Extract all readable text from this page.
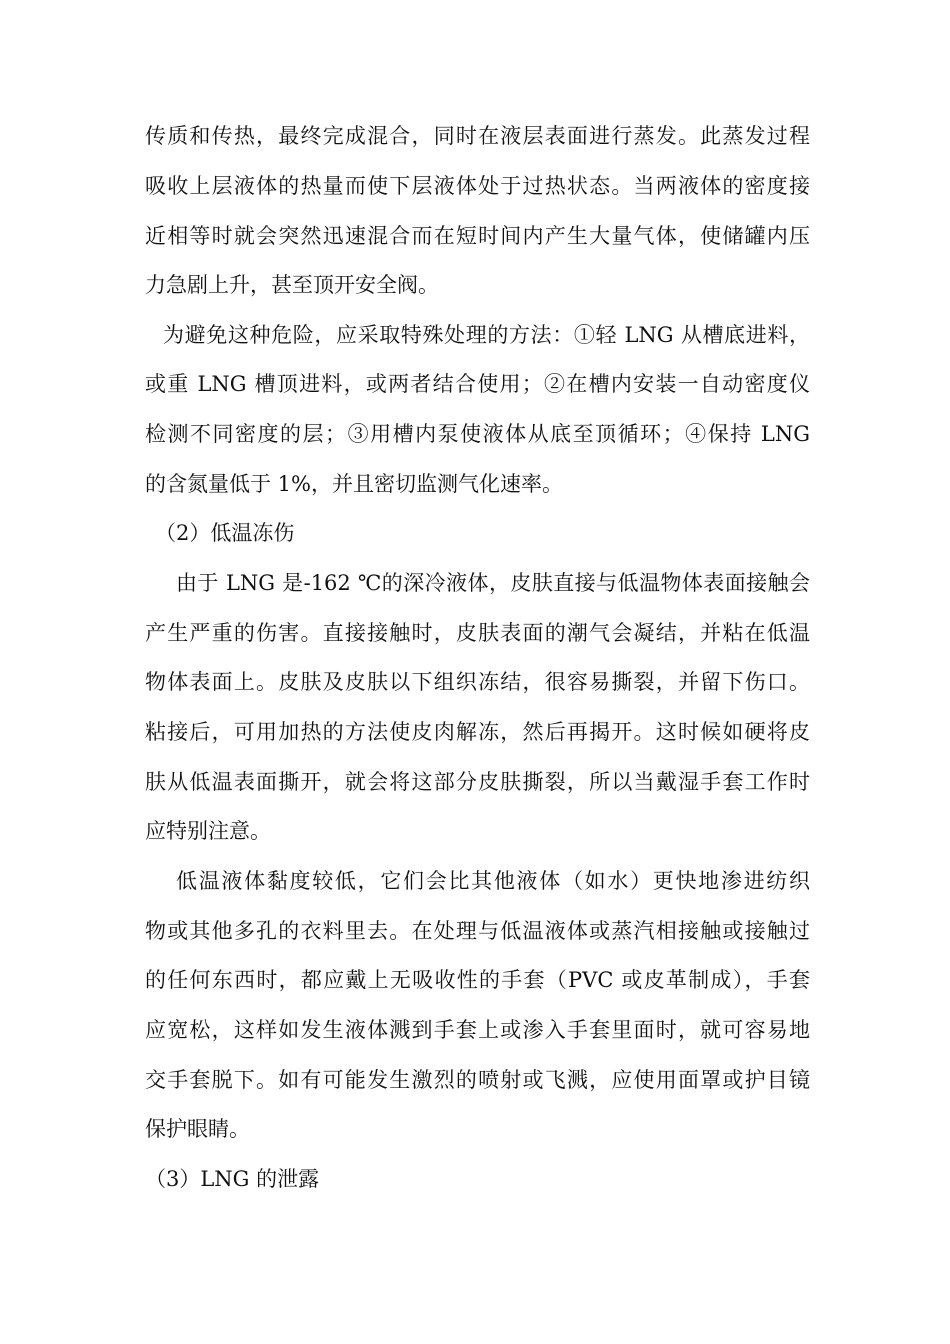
传质和传热，最终完成混合，同时在液层表面进行蒸发。此蒸发过程
吸收上层液体的热量而使下层液体处于过热状态。当两液体的密度接
近相等时就会突然迅速混合而在短时间内产生大量气体，使储罐内压
力急剧上升，甚至顶开安全阀。
为避免这种危险，应采取特殊处理的方法：①轻 LNG 从槽底进料，
或重 LNG 槽顶进料，或两者结合使用；②在槽内安装一自动密度仪
检测不同密度的层；③用槽内泵使液体从底至顶循环；④保持 LNG
的含氮量低于 1%，并且密切监测气化速率。
（2）低温冻伤
由于 LNG 是-162 ℃的深冷液体，皮肤直接与低温物体表面接触会
产生严重的伤害。直接接触时，皮肤表面的潮气会凝结，并粘在低温
物体表面上。皮肤及皮肤以下组织冻结，很容易撕裂，并留下伤口。
粘接后，可用加热的方法使皮肉解冻，然后再揭开。这时候如硬将皮
肤从低温表面撕开，就会将这部分皮肤撕裂，所以当戴湿手套工作时
应特别注意。
低温液体黏度较低，它们会比其他液体（如水）更快地渗进纺织
物或其他多孔的衣料里去。在处理与低温液体或蒸汽相接触或接触过
的任何东西时，都应戴上无吸收性的手套（PVC 或皮革制成），手套
应宽松，这样如发生液体溅到手套上或渗入手套里面时，就可容易地
交手套脱下。如有可能发生激烈的喷射或飞溅，应使用面罩或护目镜
保护眼睛。
（3）LNG 的泄露
